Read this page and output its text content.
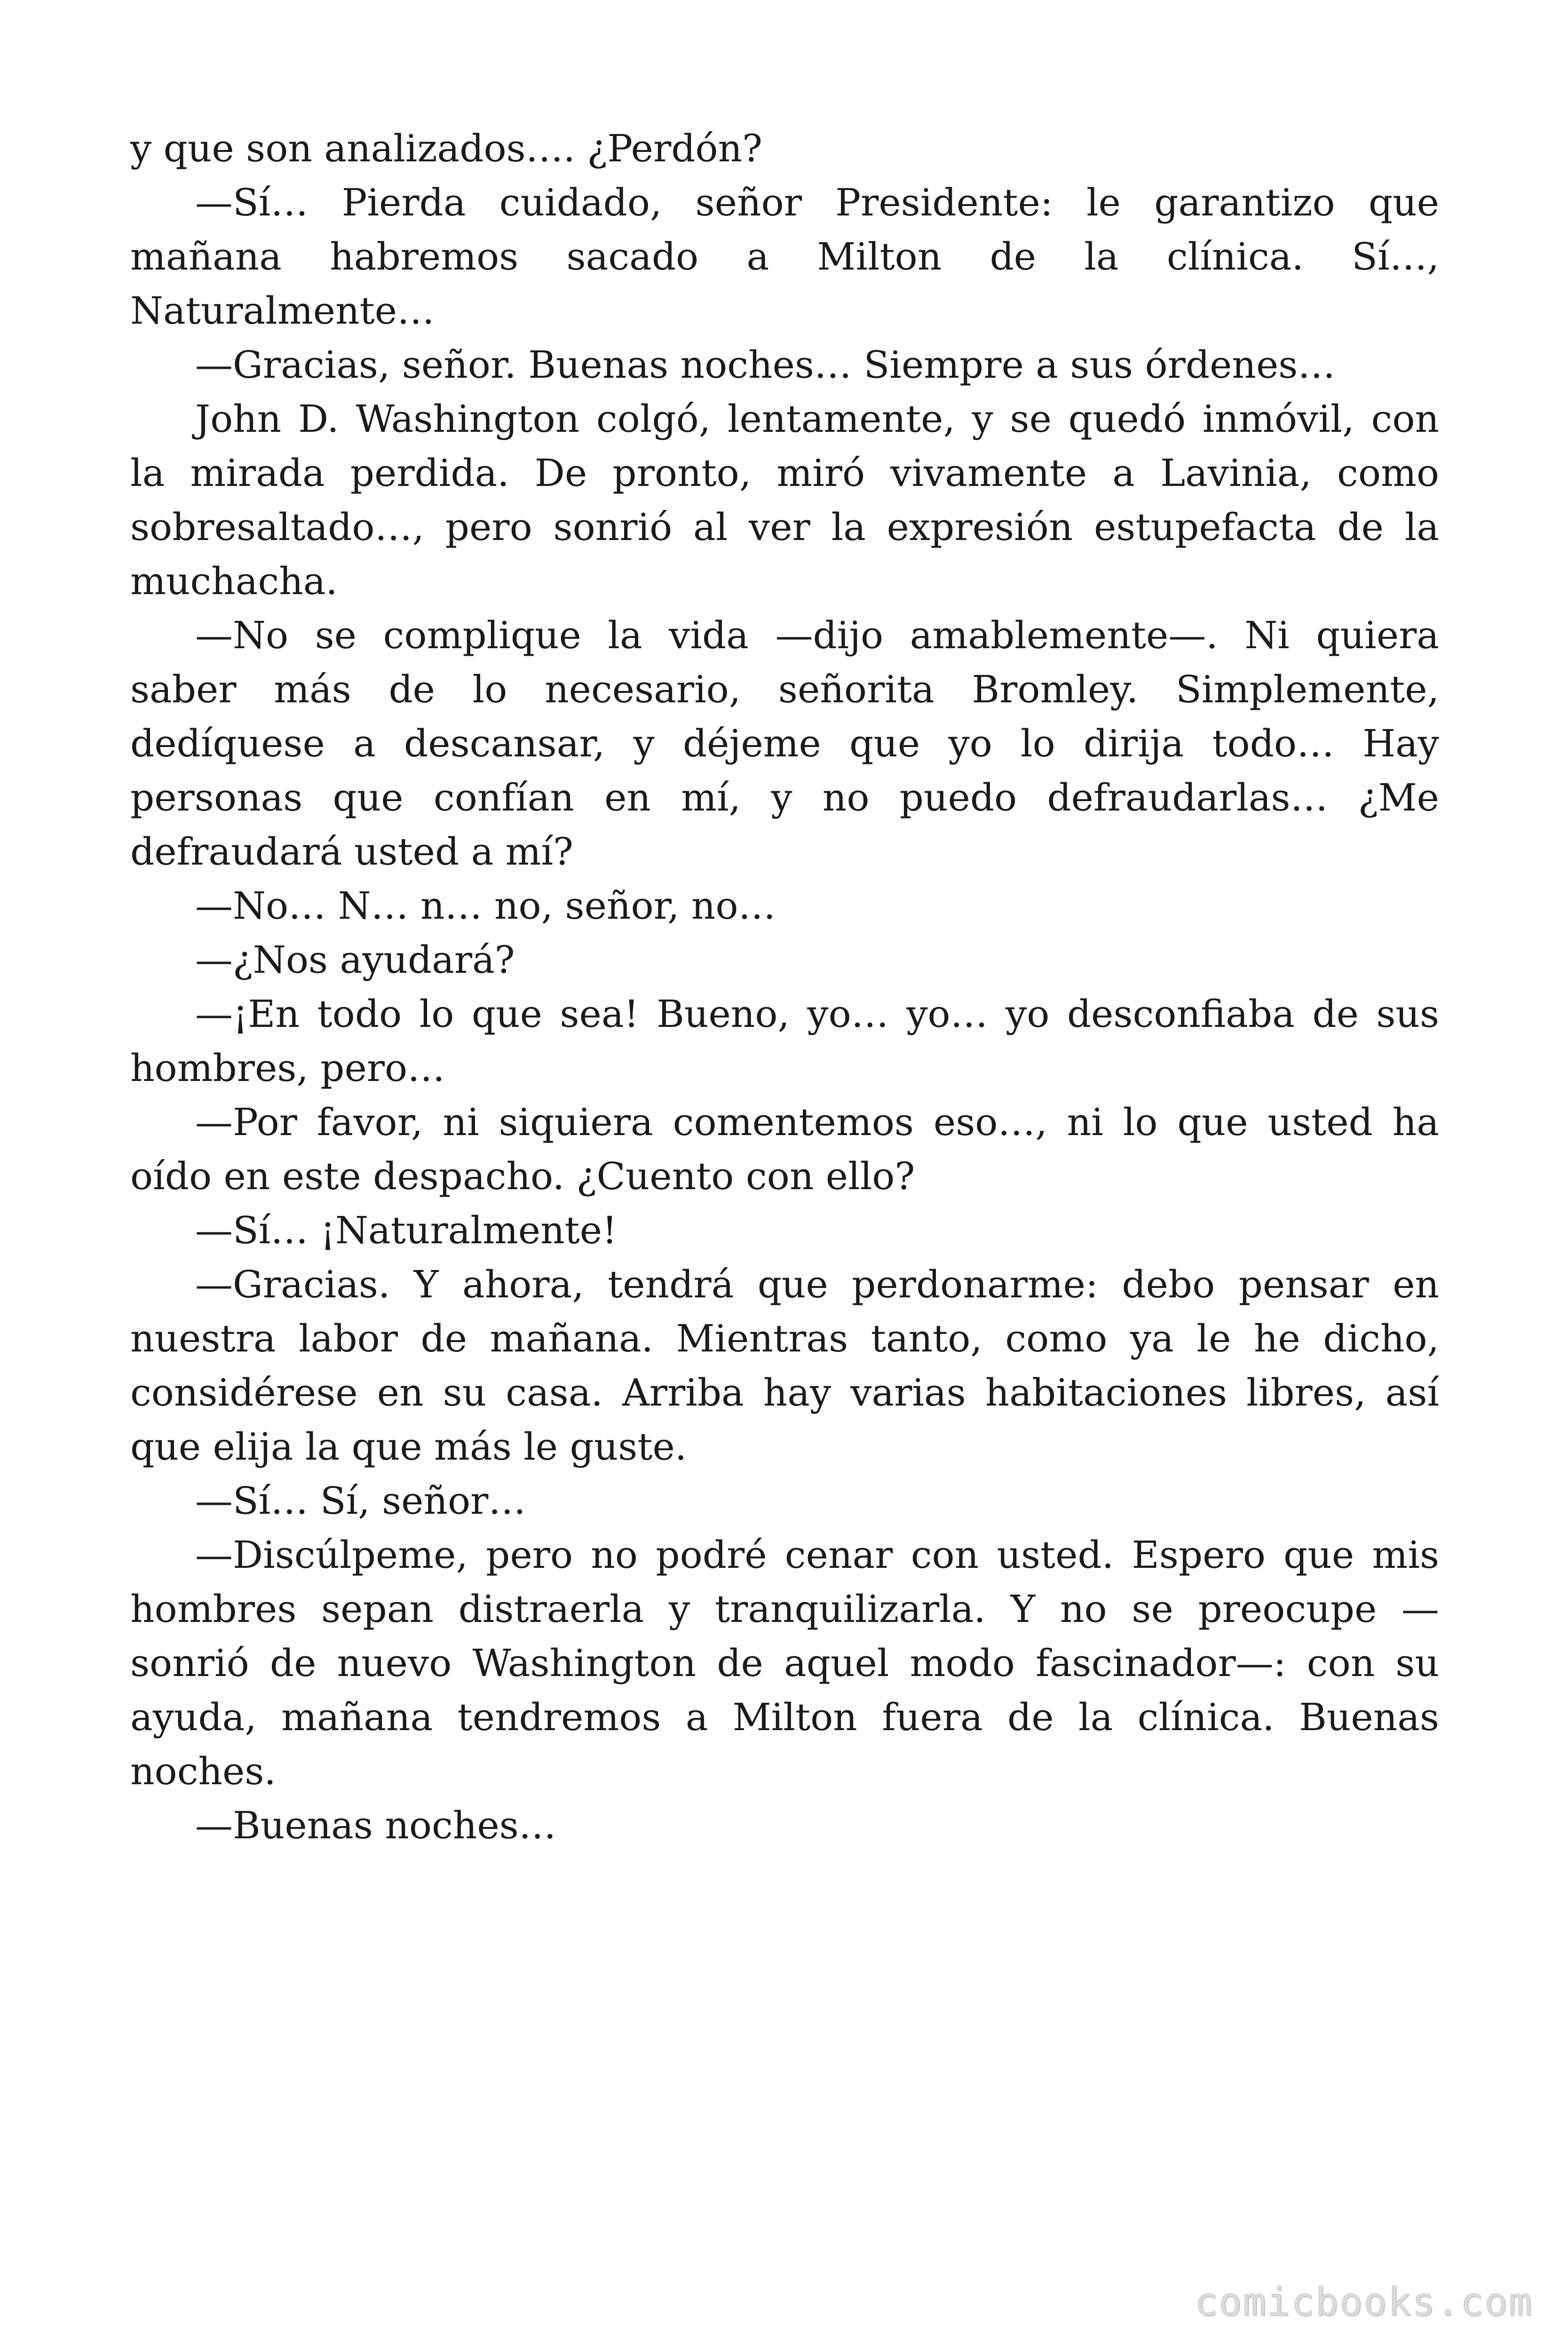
y que son analizados…. ¿Perdón?

—Sí… Pierda cuidado, señor Presidente: le garantizo que mañana habremos sacado a Milton de la clínica. Sí…, Naturalmente…

—Gracias, señor. Buenas noches… Siempre a sus órdenes…

John D. Washington colgó, lentamente, y se quedó inmóvil, con la mirada perdida. De pronto, miró vivamente a Lavinia, como sobresaltado…, pero sonrió al ver la expresión estupefacta de la muchacha.

—No se complique la vida —dijo amablemente—. Ni quiera saber más de lo necesario, señorita Bromley. Simplemente, dedíquese a descansar, y déjeme que yo lo dirija todo… Hay personas que confían en mí, y no puedo defraudarlas… ¿Me defraudará usted a mí?

—No… N… n… no, señor, no…

—¿Nos ayudará?

—¡En todo lo que sea! Bueno, yo… yo… yo desconfiaba de sus hombres, pero…

—Por favor, ni siquiera comentemos eso…, ni lo que usted ha oído en este despacho. ¿Cuento con ello?

—Sí… ¡Naturalmente!

—Gracias. Y ahora, tendrá que perdonarme: debo pensar en nuestra labor de mañana. Mientras tanto, como ya le he dicho, considérese en su casa. Arriba hay varias habitaciones libres, así que elija la que más le guste.

—Sí… Sí, señor…

—Discúlpeme, pero no podré cenar con usted. Espero que mis hombres sepan distraerla y tranquilizarla. Y no se preocupe — sonrió de nuevo Washington de aquel modo fascinador—: con su ayuda, mañana tendremos a Milton fuera de la clínica. Buenas noches.

—Buenas noches…

comicbooks.com
